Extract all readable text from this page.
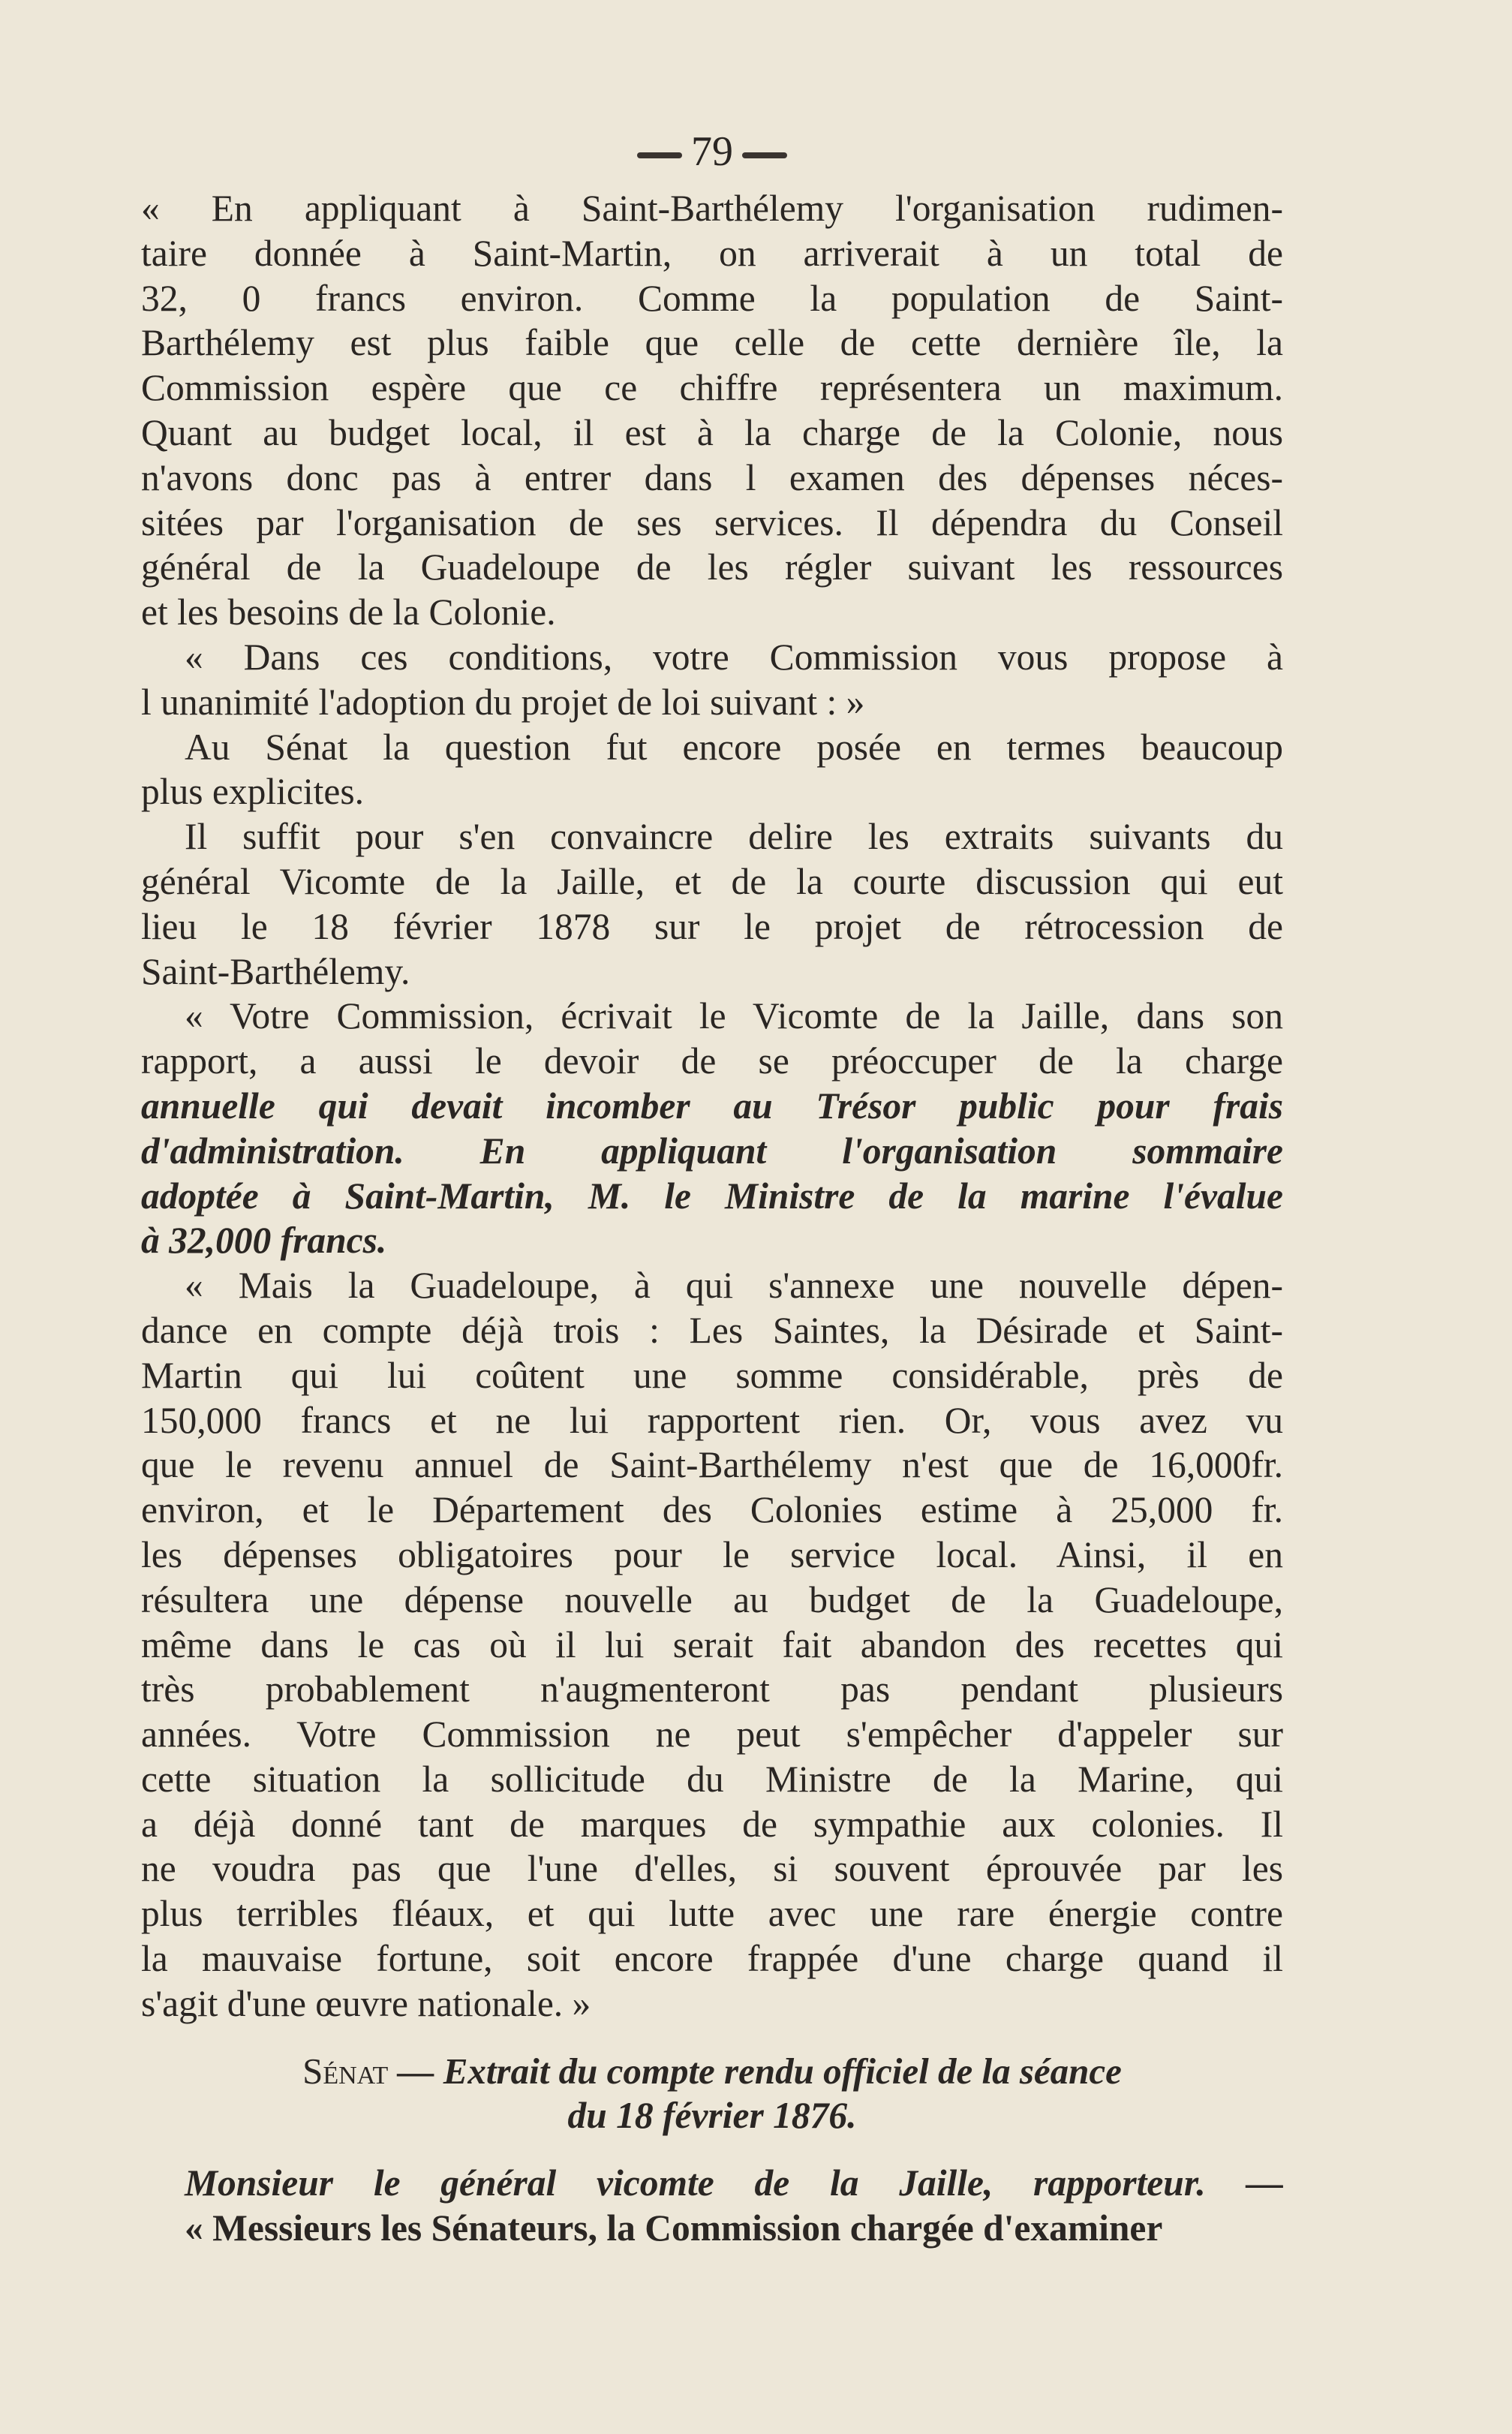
79
« En appliquant à Saint-Barthélemy l'organisation rudimen-
taire donnée à Saint-Martin, on arriverait à un total de
32, 0 francs environ. Comme la population de Saint-
Barthélemy est plus faible que celle de cette dernière île, la
Commission espère que ce chiffre représentera un maximum.
Quant au budget local, il est à la charge de la Colonie, nous
n'avons donc pas à entrer dans l examen des dépenses néces-
sitées par l'organisation de ses services. Il dépendra du Conseil
général de la Guadeloupe de les régler suivant les ressources
et les besoins de la Colonie.
« Dans ces conditions, votre Commission vous propose à
l unanimité l'adoption du projet de loi suivant : »
Au Sénat la question fut encore posée en termes beaucoup
plus explicites.
Il suffit pour s'en convaincre delire les extraits suivants du
général Vicomte de la Jaille, et de la courte discussion qui eut
lieu le 18 février 1878 sur le projet de rétrocession de
Saint-Barthélemy.
« Votre Commission, écrivait le Vicomte de la Jaille, dans son
rapport, a aussi le devoir de se préoccuper de la charge
annuelle qui devait incomber au Trésor public pour frais
d'administration. En appliquant l'organisation sommaire
adoptée à Saint-Martin, M. le Ministre de la marine l'évalue
à 32,000 francs.
« Mais la Guadeloupe, à qui s'annexe une nouvelle dépen-
dance en compte déjà trois : Les Saintes, la Désirade et Saint-
Martin qui lui coûtent une somme considérable, près de
150,000 francs et ne lui rapportent rien. Or, vous avez vu
que le revenu annuel de Saint-Barthélemy n'est que de 16,000fr.
environ, et le Département des Colonies estime à 25,000 fr.
les dépenses obligatoires pour le service local. Ainsi, il en
résultera une dépense nouvelle au budget de la Guadeloupe,
même dans le cas où il lui serait fait abandon des recettes qui
très probablement n'augmenteront pas pendant plusieurs
années. Votre Commission ne peut s'empêcher d'appeler sur
cette situation la sollicitude du Ministre de la Marine, qui
a déjà donné tant de marques de sympathie aux colonies. Il
ne voudra pas que l'une d'elles, si souvent éprouvée par les
plus terribles fléaux, et qui lutte avec une rare énergie contre
la mauvaise fortune, soit encore frappée d'une charge quand il
s'agit d'une œuvre nationale. »
Sénat — Extrait du compte rendu officiel de la séance
du 18 février 1876.
Monsieur le général vicomte de la Jaille, rapporteur. —
« Messieurs les Sénateurs, la Commission chargée d'examiner
